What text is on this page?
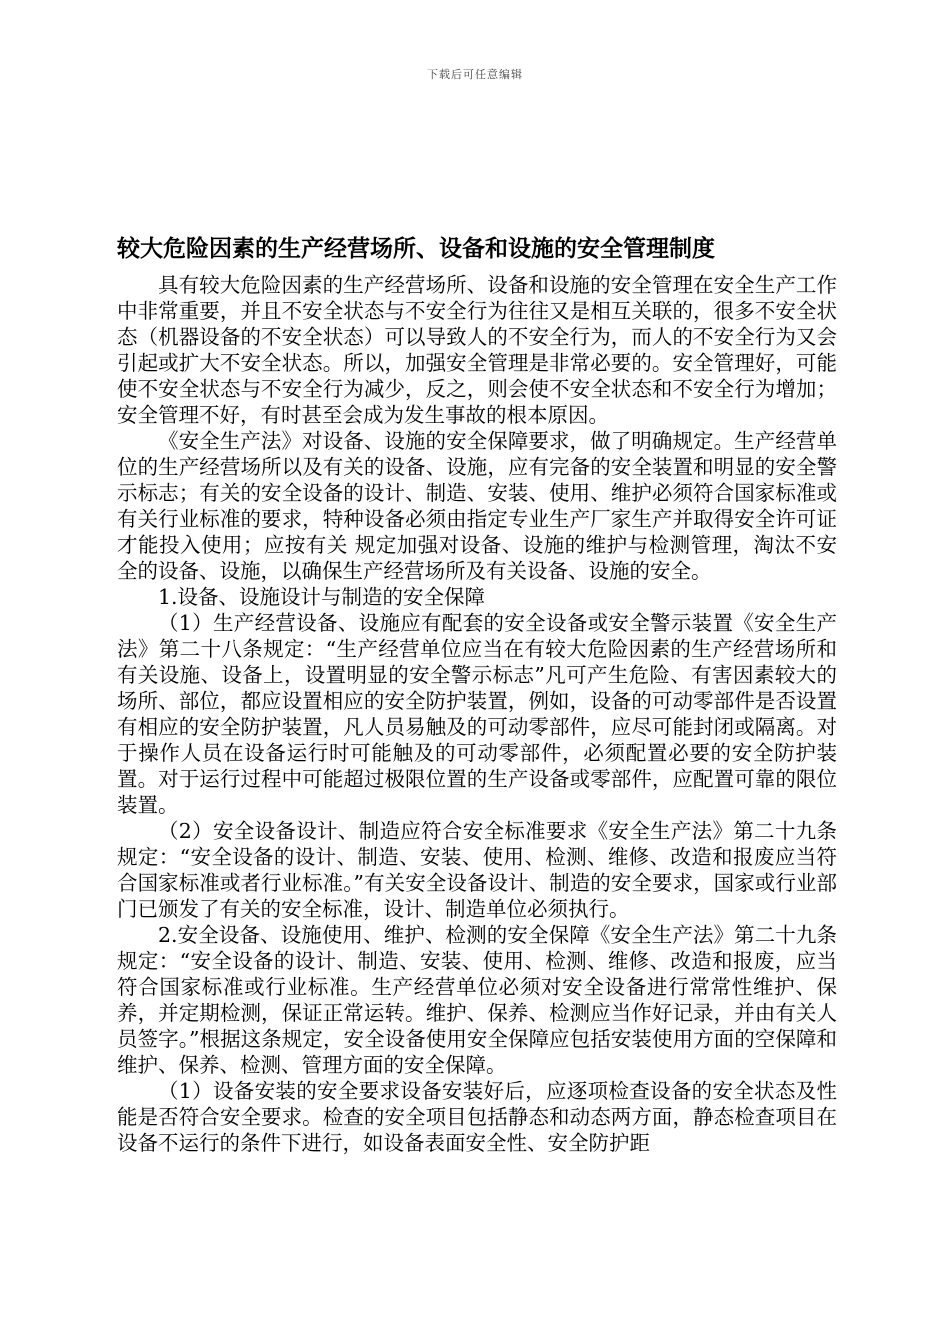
下载后可任意编辑
较大危险因素的生产经营场所、设备和设施的安全管理制度

具有较大危险因素的生产经营场所、设备和设施的安全管理在安全生产工作中非常重要，并且不安全状态与不安全行为往往又是相互关联的，很多不安全状态（机器设备的不安全状态）可以导致人的不安全行为，而人的不安全行为又会引起或扩大不安全状态。所以，加强安全管理是非常必要的。安全管理好，可能使不安全状态与不安全行为减少，反之，则会使不安全状态和不安全行为增加；安全管理不好，有时甚至会成为发生事故的根本原因。

《安全生产法》对设备、设施的安全保障要求，做了明确规定。生产经营单位的生产经营场所以及有关的设备、设施，应有完备的安全装置和明显的安全警示标志；有关的安全设备的设计、制造、安装、使用、维护必须符合国家标准或有关行业标准的要求，特种设备必须由指定专业生产厂家生产并取得安全许可证才能投入使用；应按有关 规定加强对设备、设施的维护与检测管理，淘汰不安全的设备、设施，以确保生产经营场所及有关设备、设施的安全。

1.设备、设施设计与制造的安全保障

（1）生产经营设备、设施应有配套的安全设备或安全警示装置《安全生产法》第二十八条规定：“生产经营单位应当在有较大危险因素的生产经营场所和有关设施、设备上，设置明显的安全警示标志”凡可产生危险、有害因素较大的场所、部位，都应设置相应的安全防护装置，例如，设备的可动零部件是否设置有相应的安全防护装置，凡人员易触及的可动零部件，应尽可能封闭或隔离。对于操作人员在设备运行时可能触及的可动零部件，必须配置必要的安全防护装置。对于运行过程中可能超过极限位置的生产设备或零部件，应配置可靠的限位装置。

（2）安全设备设计、制造应符合安全标准要求《安全生产法》第二十九条规定：“安全设备的设计、制造、安装、使用、检测、维修、改造和报废应当符合国家标准或者行业标准。”有关安全设备设计、制造的安全要求，国家或行业部门已颁发了有关的安全标准，设计、制造单位必须执行。

2.安全设备、设施使用、维护、检测的安全保障《安全生产法》第二十九条规定：“安全设备的设计、制造、安装、使用、检测、维修、改造和报废，应当符合国家标准或行业标准。生产经营单位必须对安全设备进行常常性维护、保养，并定期检测，保证正常运转。维护、保养、检测应当作好记录，并由有关人员签字。”根据这条规定，安全设备使用安全保障应包括安装使用方面的空保障和维护、保养、检测、管理方面的安全保障。

（1）设备安装的安全要求设备安装好后，应逐项检查设备的安全状态及性能是否符合安全要求。检查的安全项目包括静态和动态两方面，静态检查项目在设备不运行的条件下进行，如设备表面安全性、安全防护距
